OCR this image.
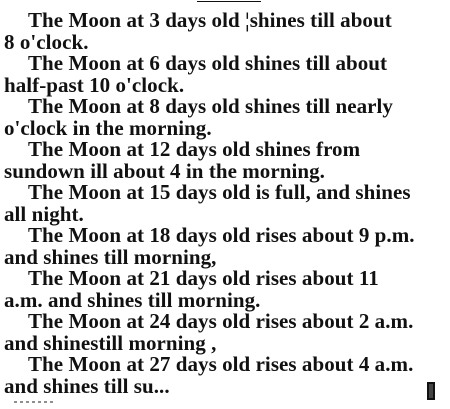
The Moon at 3 days old ¦shines till about
8 o'clock.

The Moon at 6 days old shines till about
half-past 10 o'clock.

The Moon at 8 days old shines till nearly
o'clock in the morning.

The Moon at 12 days old shines from
sundown ill about 4 in the morning.

The Moon at 15 days old is full, and shines
all night.

The Moon at 18 days old rises about 9 p.m.
and shines till morning,

The Moon at 21 days old rises about 11
a.m. and shines till morning.

The Moon at 24 days old rises about 2 a.m.
and shinestill morning ,

The Moon at 27 days old rises about 4 a.m.
and shines till su...
